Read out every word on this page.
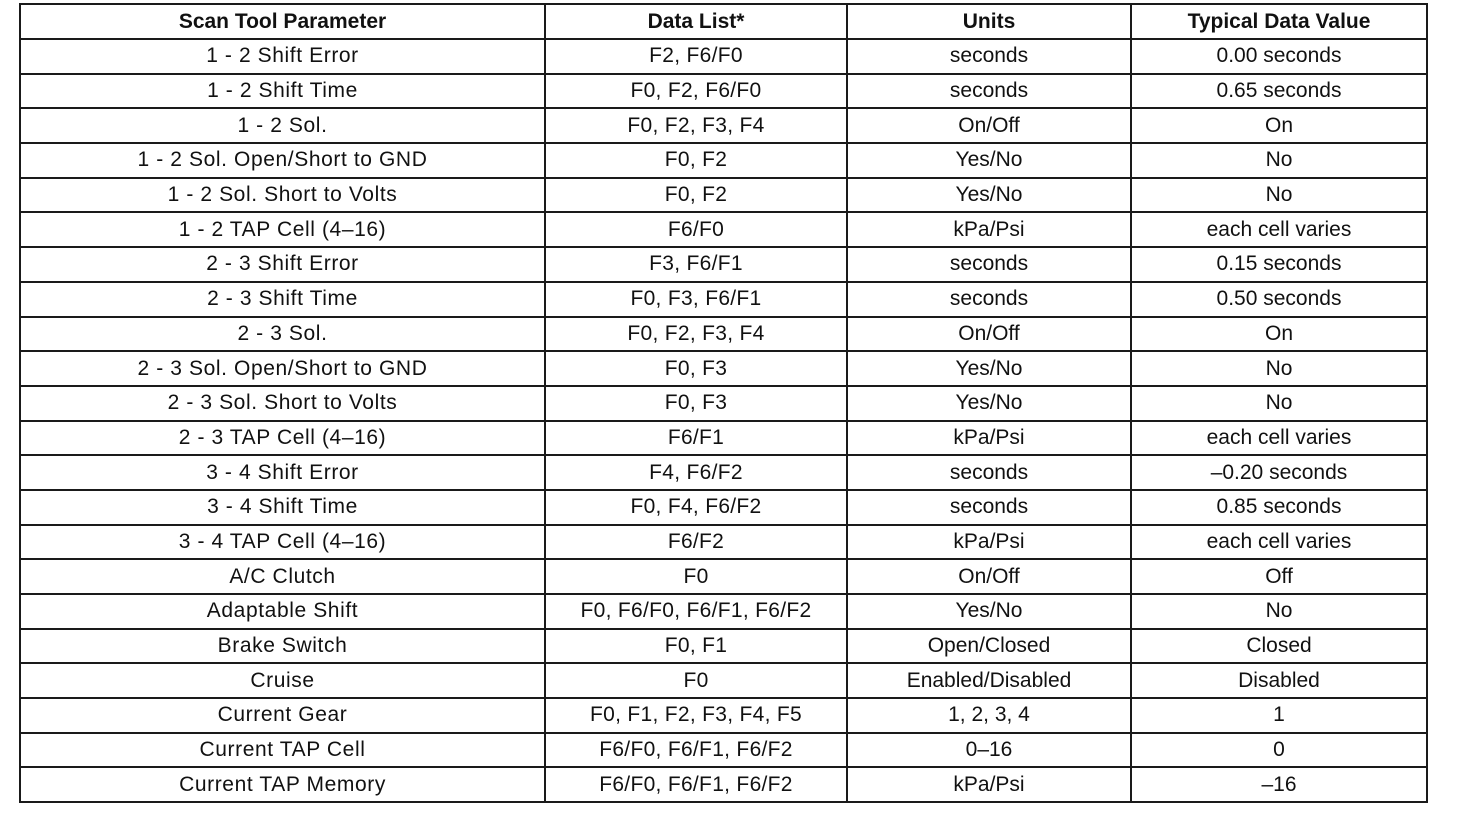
Scan Tool Parameter	Data List*	Units	Typical Data Value
1 - 2 Shift Error	F2, F6/F0	seconds	0.00 seconds
1 - 2 Shift Time	F0, F2, F6/F0	seconds	0.65 seconds
1 - 2 Sol.	F0, F2, F3, F4	On/Off	On
1 - 2 Sol. Open/Short to GND	F0, F2	Yes/No	No
1 - 2 Sol. Short to Volts	F0, F2	Yes/No	No
1 - 2 TAP Cell (4–16)	F6/F0	kPa/Psi	each cell varies
2 - 3 Shift Error	F3, F6/F1	seconds	0.15 seconds
2 - 3 Shift Time	F0, F3, F6/F1	seconds	0.50 seconds
2 - 3 Sol.	F0, F2, F3, F4	On/Off	On
2 - 3 Sol. Open/Short to GND	F0, F3	Yes/No	No
2 - 3 Sol. Short to Volts	F0, F3	Yes/No	No
2 - 3 TAP Cell (4–16)	F6/F1	kPa/Psi	each cell varies
3 - 4 Shift Error	F4, F6/F2	seconds	–0.20 seconds
3 - 4 Shift Time	F0, F4, F6/F2	seconds	0.85 seconds
3 - 4 TAP Cell (4–16)	F6/F2	kPa/Psi	each cell varies
A/C Clutch	F0	On/Off	Off
Adaptable Shift	F0, F6/F0, F6/F1, F6/F2	Yes/No	No
Brake Switch	F0, F1	Open/Closed	Closed
Cruise	F0	Enabled/Disabled	Disabled
Current Gear	F0, F1, F2, F3, F4, F5	1, 2, 3, 4	1
Current TAP Cell	F6/F0, F6/F1, F6/F2	0–16	0
Current TAP Memory	F6/F0, F6/F1, F6/F2	kPa/Psi	–16
